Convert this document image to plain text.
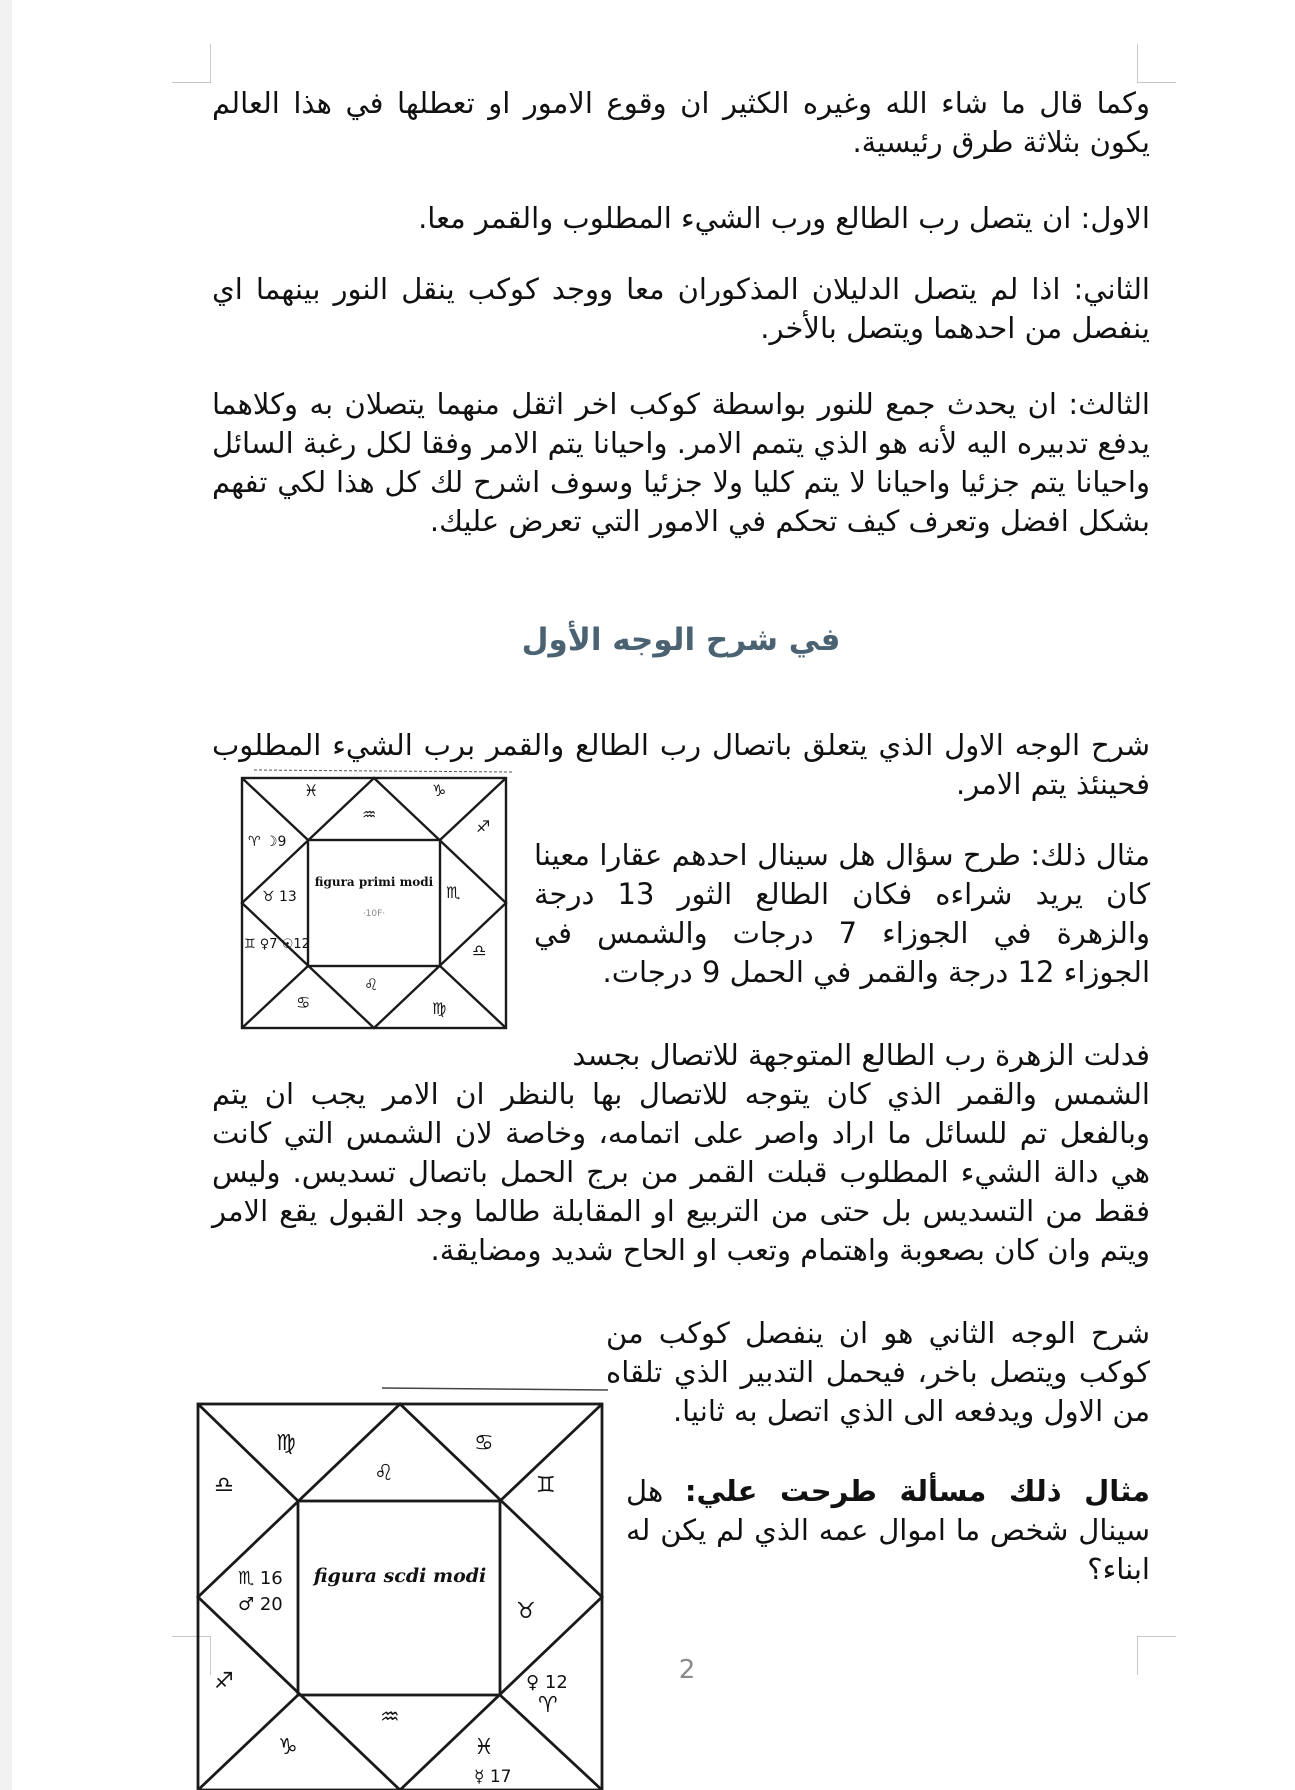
وكما قال ما شاء الله وغيره الكثير ان وقوع الامور او تعطلها في هذا العالم يكون بثلاثة طرق رئيسية.

الاول: ان يتصل رب الطالع ورب الشيء المطلوب والقمر معا.

الثاني: اذا لم يتصل الدليلان المذكوران معا ووجد كوكب ينقل النور بينهما اي ينفصل من احدهما ويتصل بالأخر.

الثالث: ان يحدث جمع للنور بواسطة كوكب اخر اثقل منهما يتصلان به وكلاهما يدفع تدبيره اليه لأنه هو الذي يتمم الامر. واحيانا يتم الامر وفقا لكل رغبة السائل واحيانا يتم جزئيا واحيانا لا يتم كليا ولا جزئيا وسوف اشرح لك كل هذا لكي تفهم بشكل افضل وتعرف كيف تحكم في الامور التي تعرض عليك.

في شرح الوجه الأول

شرح الوجه الاول الذي يتعلق باتصال رب الطالع والقمر برب الشيء المطلوب فحينئذ يتم الامر.

♓
♒
♑
♈ ☽9
♐
♉ 13	♏
♊ ♀7 ☉12	♎
♋
♌
♍
figura primi modi
·10F·

مثال ذلك: طرح سؤال هل سينال احدهم عقارا معينا كان يريد شراءه فكان الطالع الثور 13 درجة والزهرة في الجوزاء 7 درجات والشمس في الجوزاء 12 درجة والقمر في الحمل 9 درجات.

فدلت الزهرة رب الطالع المتوجهة للاتصال بجسد

الشمس والقمر الذي كان يتوجه للاتصال بها بالنظر ان الامر يجب ان يتم وبالفعل تم للسائل ما اراد واصر على اتمامه، وخاصة لان الشمس التي كانت هي دالة الشيء المطلوب قبلت القمر من برج الحمل باتصال تسديس. وليس فقط من التسديس بل حتى من التربيع او المقابلة طالما وجد القبول يقع الامر ويتم وان كان بصعوبة واهتمام وتعب او الحاح شديد ومضايقة.

شرح الوجه الثاني هو ان ينفصل كوكب من كوكب ويتصل باخر، فيحمل التدبير الذي تلقاه من الاول ويدفعه الى الذي اتصل به ثانيا.

♍	♋
♌
♎	♊
♏ 16
♂ 20	♉
♐	♀ 12
♈
♒
♑	♓
☿ 17
figura scdi modi

مثال ذلك مسألة طرحت علي: هل سينال شخص ما اموال عمه الذي لم يكن له ابناء؟

2
